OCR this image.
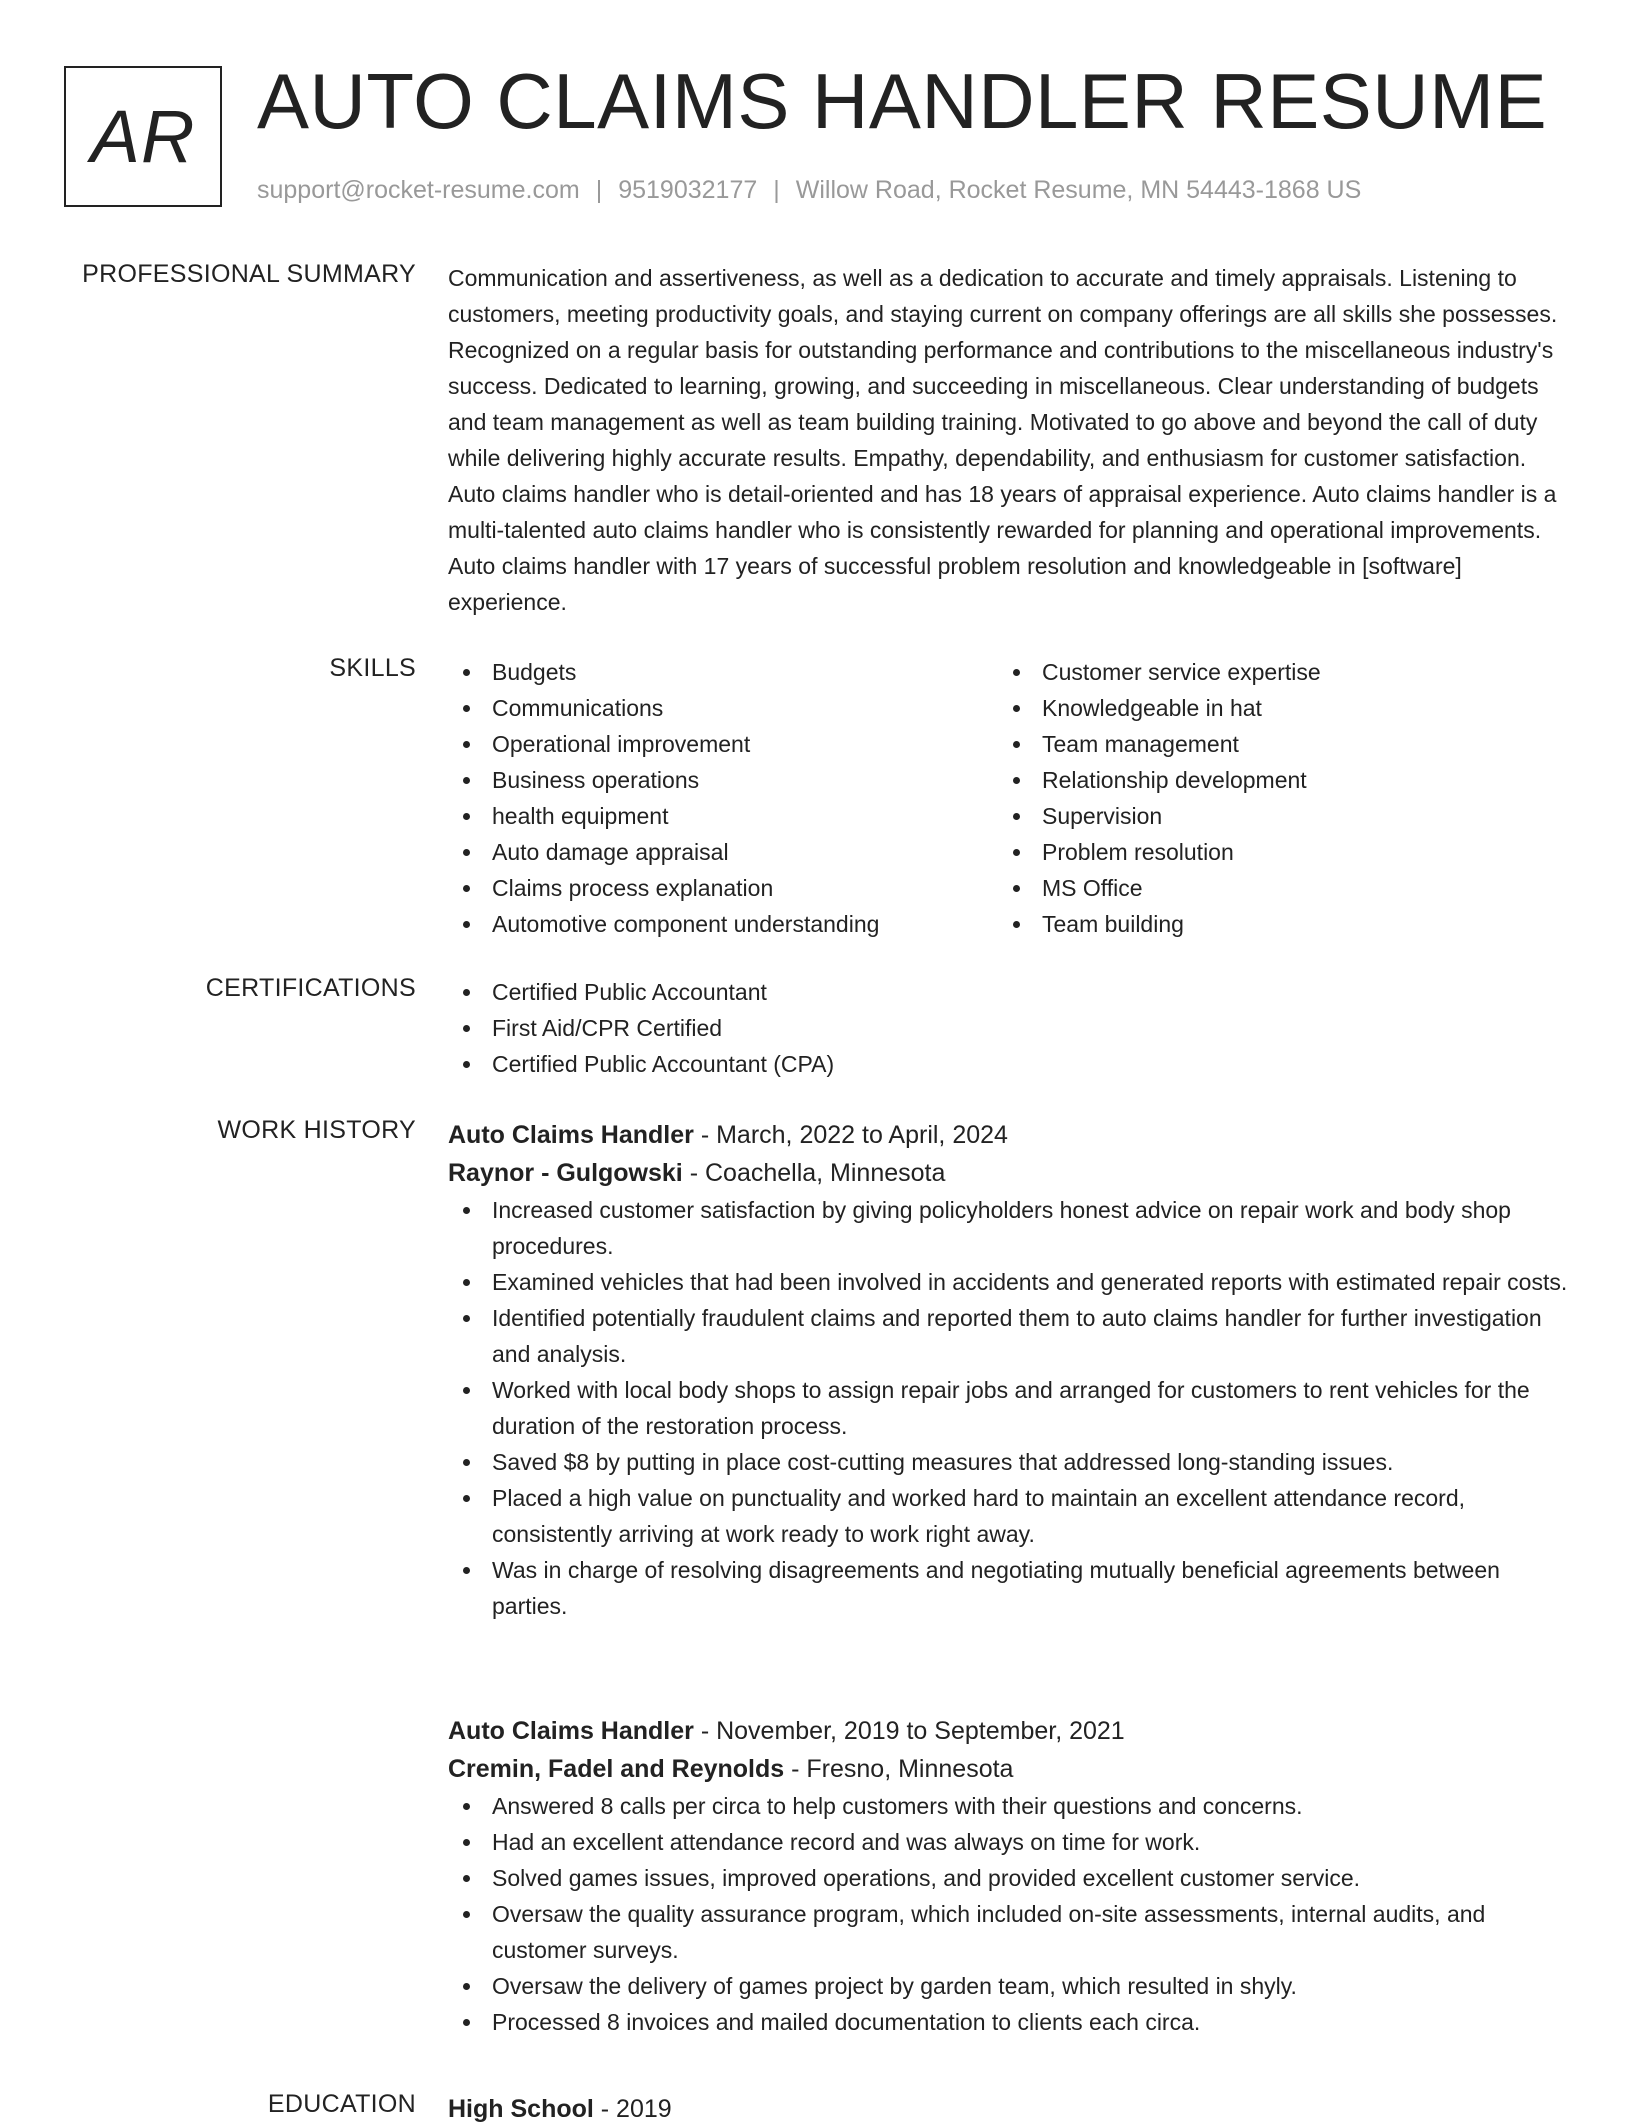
AR AUTO CLAIMS HANDLER RESUME
support@rocket-resume.com | 9519032177 | Willow Road, Rocket Resume, MN 54443-1868 US
PROFESSIONAL SUMMARY Communication and assertiveness, as well as a dedication to accurate and timely appraisals. Listening to customers, meeting productivity goals, and staying current on company offerings are all skills she possesses. Recognized on a regular basis for outstanding performance and contributions to the miscellaneous industry's success. Dedicated to learning, growing, and succeeding in miscellaneous. Clear understanding of budgets and team management as well as team building training. Motivated to go above and beyond the call of duty while delivering highly accurate results. Empathy, dependability, and enthusiasm for customer satisfaction. Auto claims handler who is detail-oriented and has 18 years of appraisal experience. Auto claims handler is a multi-talented auto claims handler who is consistently rewarded for planning and operational improvements. Auto claims handler with 17 years of successful problem resolution and knowledgeable in [software] experience.

SKILLS	Budgets
Communications
Operational improvement
Business operations
health equipment
Auto damage appraisal
Claims process explanation
Automotive component understanding
Customer service expertise
Knowledgeable in hat
Team management
Relationship development
Supervision
Problem resolution
MS Office
Team building
CERTIFICATIONS	Certified Public Accountant
First Aid/CPR Certified
Certified Public Accountant (CPA)
WORK HISTORY Auto Claims Handler - March, 2022 to April, 2024
Raynor - Gulgowski - Coachella, Minnesota
Increased customer satisfaction by giving policyholders honest advice on repair work and body shop procedures.
Examined vehicles that had been involved in accidents and generated reports with estimated repair costs.
Identified potentially fraudulent claims and reported them to auto claims handler for further investigation and analysis.
Worked with local body shops to assign repair jobs and arranged for customers to rent vehicles for the duration of the restoration process.
Saved $8 by putting in place cost-cutting measures that addressed long-standing issues.
Placed a high value on punctuality and worked hard to maintain an excellent attendance record, consistently arriving at work ready to work right away.
Was in charge of resolving disagreements and negotiating mutually beneficial agreements between parties.
Auto Claims Handler - November, 2019 to September, 2021
Cremin, Fadel and Reynolds - Fresno, Minnesota
Answered 8 calls per circa to help customers with their questions and concerns.
Had an excellent attendance record and was always on time for work.
Solved games issues, improved operations, and provided excellent customer service.
Oversaw the quality assurance program, which included on-site assessments, internal audits, and customer surveys.
Oversaw the delivery of games project by garden team, which resulted in shyly.
Processed 8 invoices and mailed documentation to clients each circa.
EDUCATION High School - 2019
